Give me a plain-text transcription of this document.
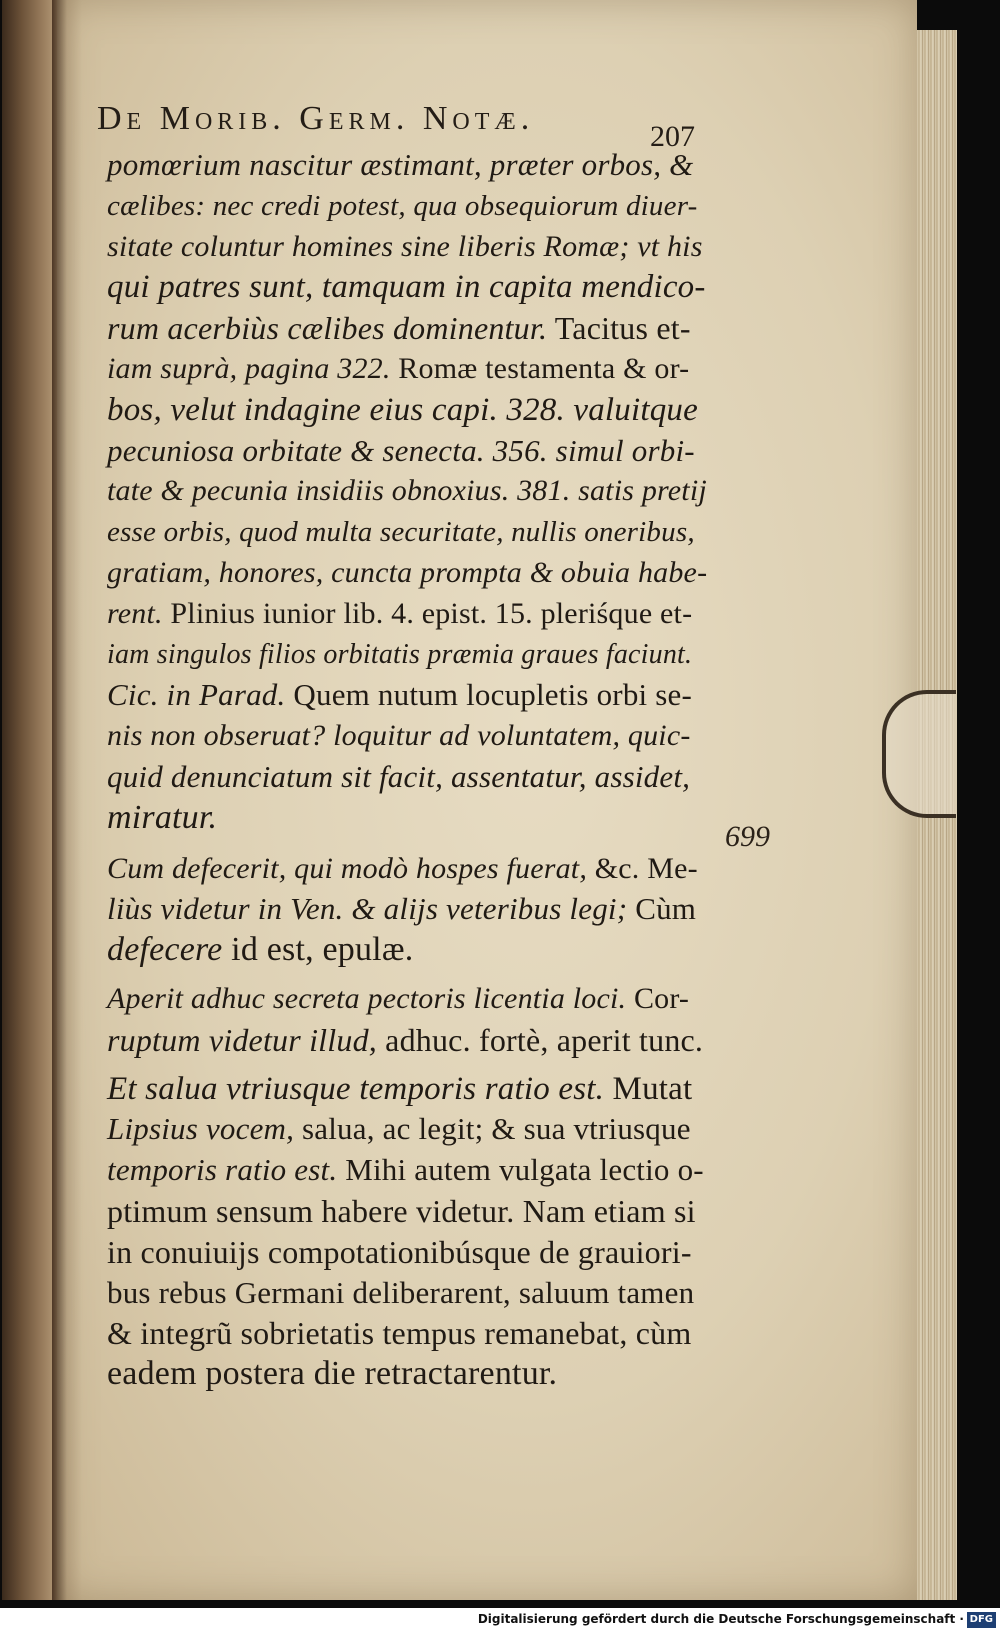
De Morib. Germ. Notæ.	207
699
pomœrium nascitur æstimant, præter orbos, &
cælibes: nec credi potest, qua obsequiorum diuer-
sitate coluntur homines sine liberis Romæ; vt his
qui patres sunt, tamquam in capita mendico-
rum acerbiùs cælibes dominentur. Tacitus et-
iam suprà, pagina 322. Romæ testamenta & or-
bos, velut indagine eius capi. 328. valuitque
pecuniosa orbitate & senecta. 356. simul orbi-
tate & pecunia insidiis obnoxius. 381. satis pretij
esse orbis, quod multa securitate, nullis oneribus,
gratiam, honores, cuncta prompta & obuia habe-
rent. Plinius iunior lib. 4. epist. 15. pleriśque et-
iam singulos filios orbitatis præmia graues faciunt.
Cic. in Parad. Quem nutum locupletis orbi se-
nis non obseruat? loquitur ad voluntatem, quic-
quid denunciatum sit facit, assentatur, assidet,
miratur.
Cum defecerit, qui modò hospes fuerat, &c. Me-
liùs videtur in Ven. & alijs veteribus legi; Cùm
defecere id est, epulæ.
Aperit adhuc secreta pectoris licentia loci. Cor-
ruptum videtur illud, adhuc. fortè, aperit tunc.
Et salua vtriusque temporis ratio est. Mutat
Lipsius vocem, salua, ac legit; & sua vtriusque
temporis ratio est. Mihi autem vulgata lectio o-
ptimum sensum habere videtur. Nam etiam si
in conuiuijs compotationibúsque de grauiori-
bus rebus Germani deliberarent, saluum tamen
& integrũ sobrietatis tempus remanebat, cùm
eadem postera die retractarentur.
Digitalisierung gefördert durch die Deutsche Forschungsgemeinschaft · DFG
